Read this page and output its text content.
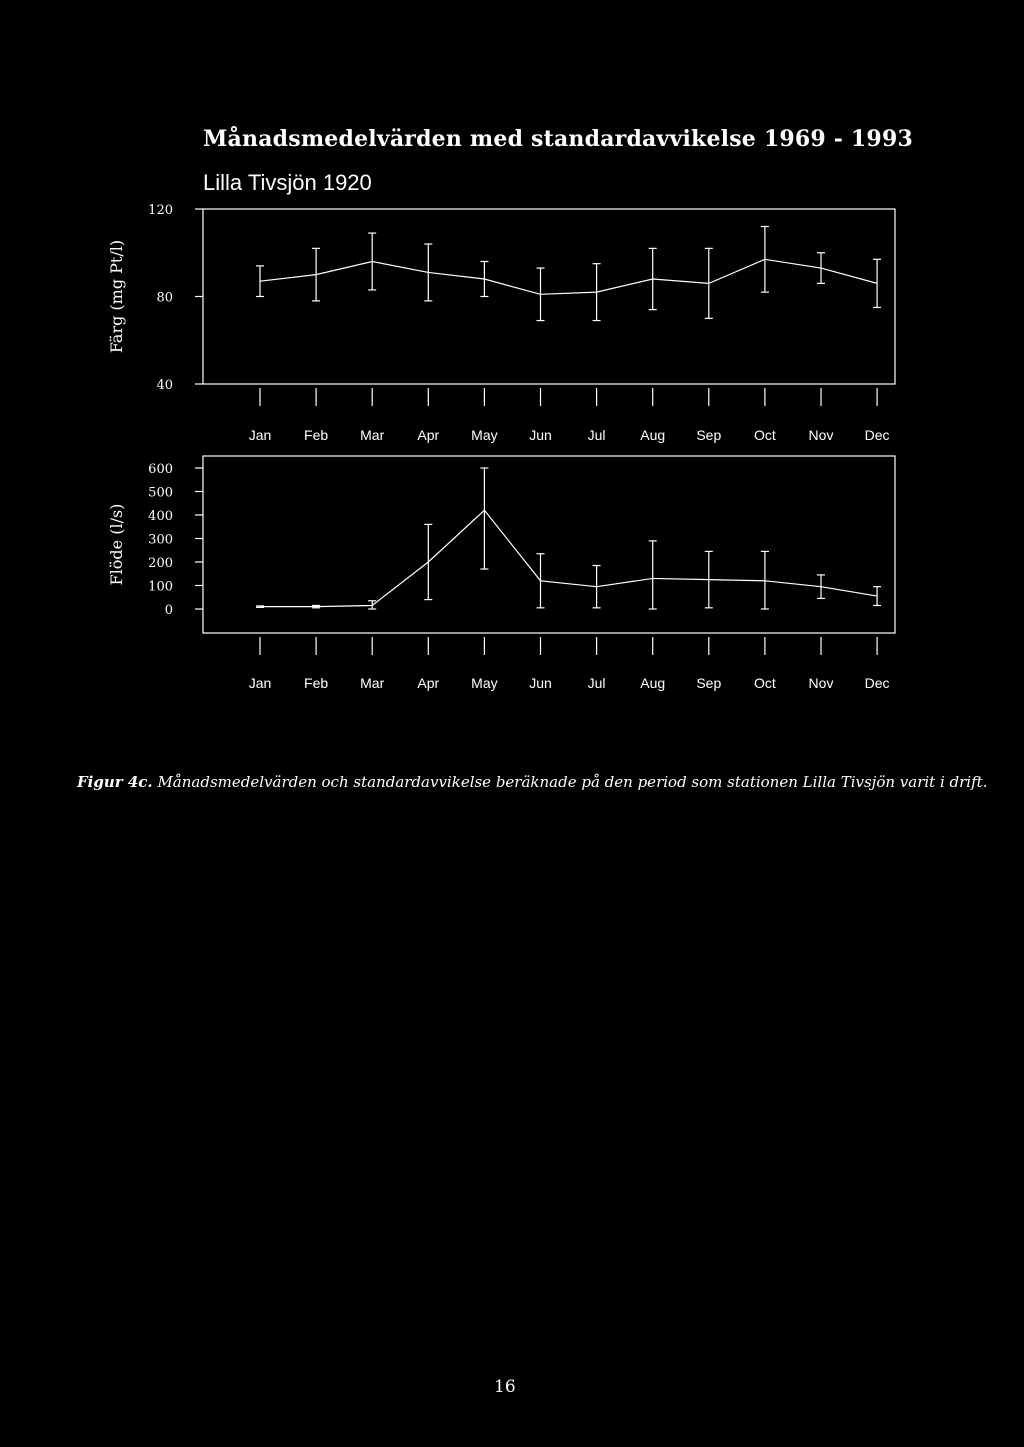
Månadsmedelvärden med standardavvikelse 1969 - 1993
Lilla Tivsjön 1920
120
80
40
Färg (mg Pt/l)
Jan Feb Mar Apr May Jun	Jul Aug Sep Oct Nov Dec
600
500
400
300
200
100
0
Flöde (l/s)
Jan Feb Mar Apr May Jun	Jul Aug Sep Oct Nov Dec
Figur 4c. Månadsmedelvärden och standardavvikelse beräknade på den period som stationen Lilla Tivsjön varit i drift.
16
